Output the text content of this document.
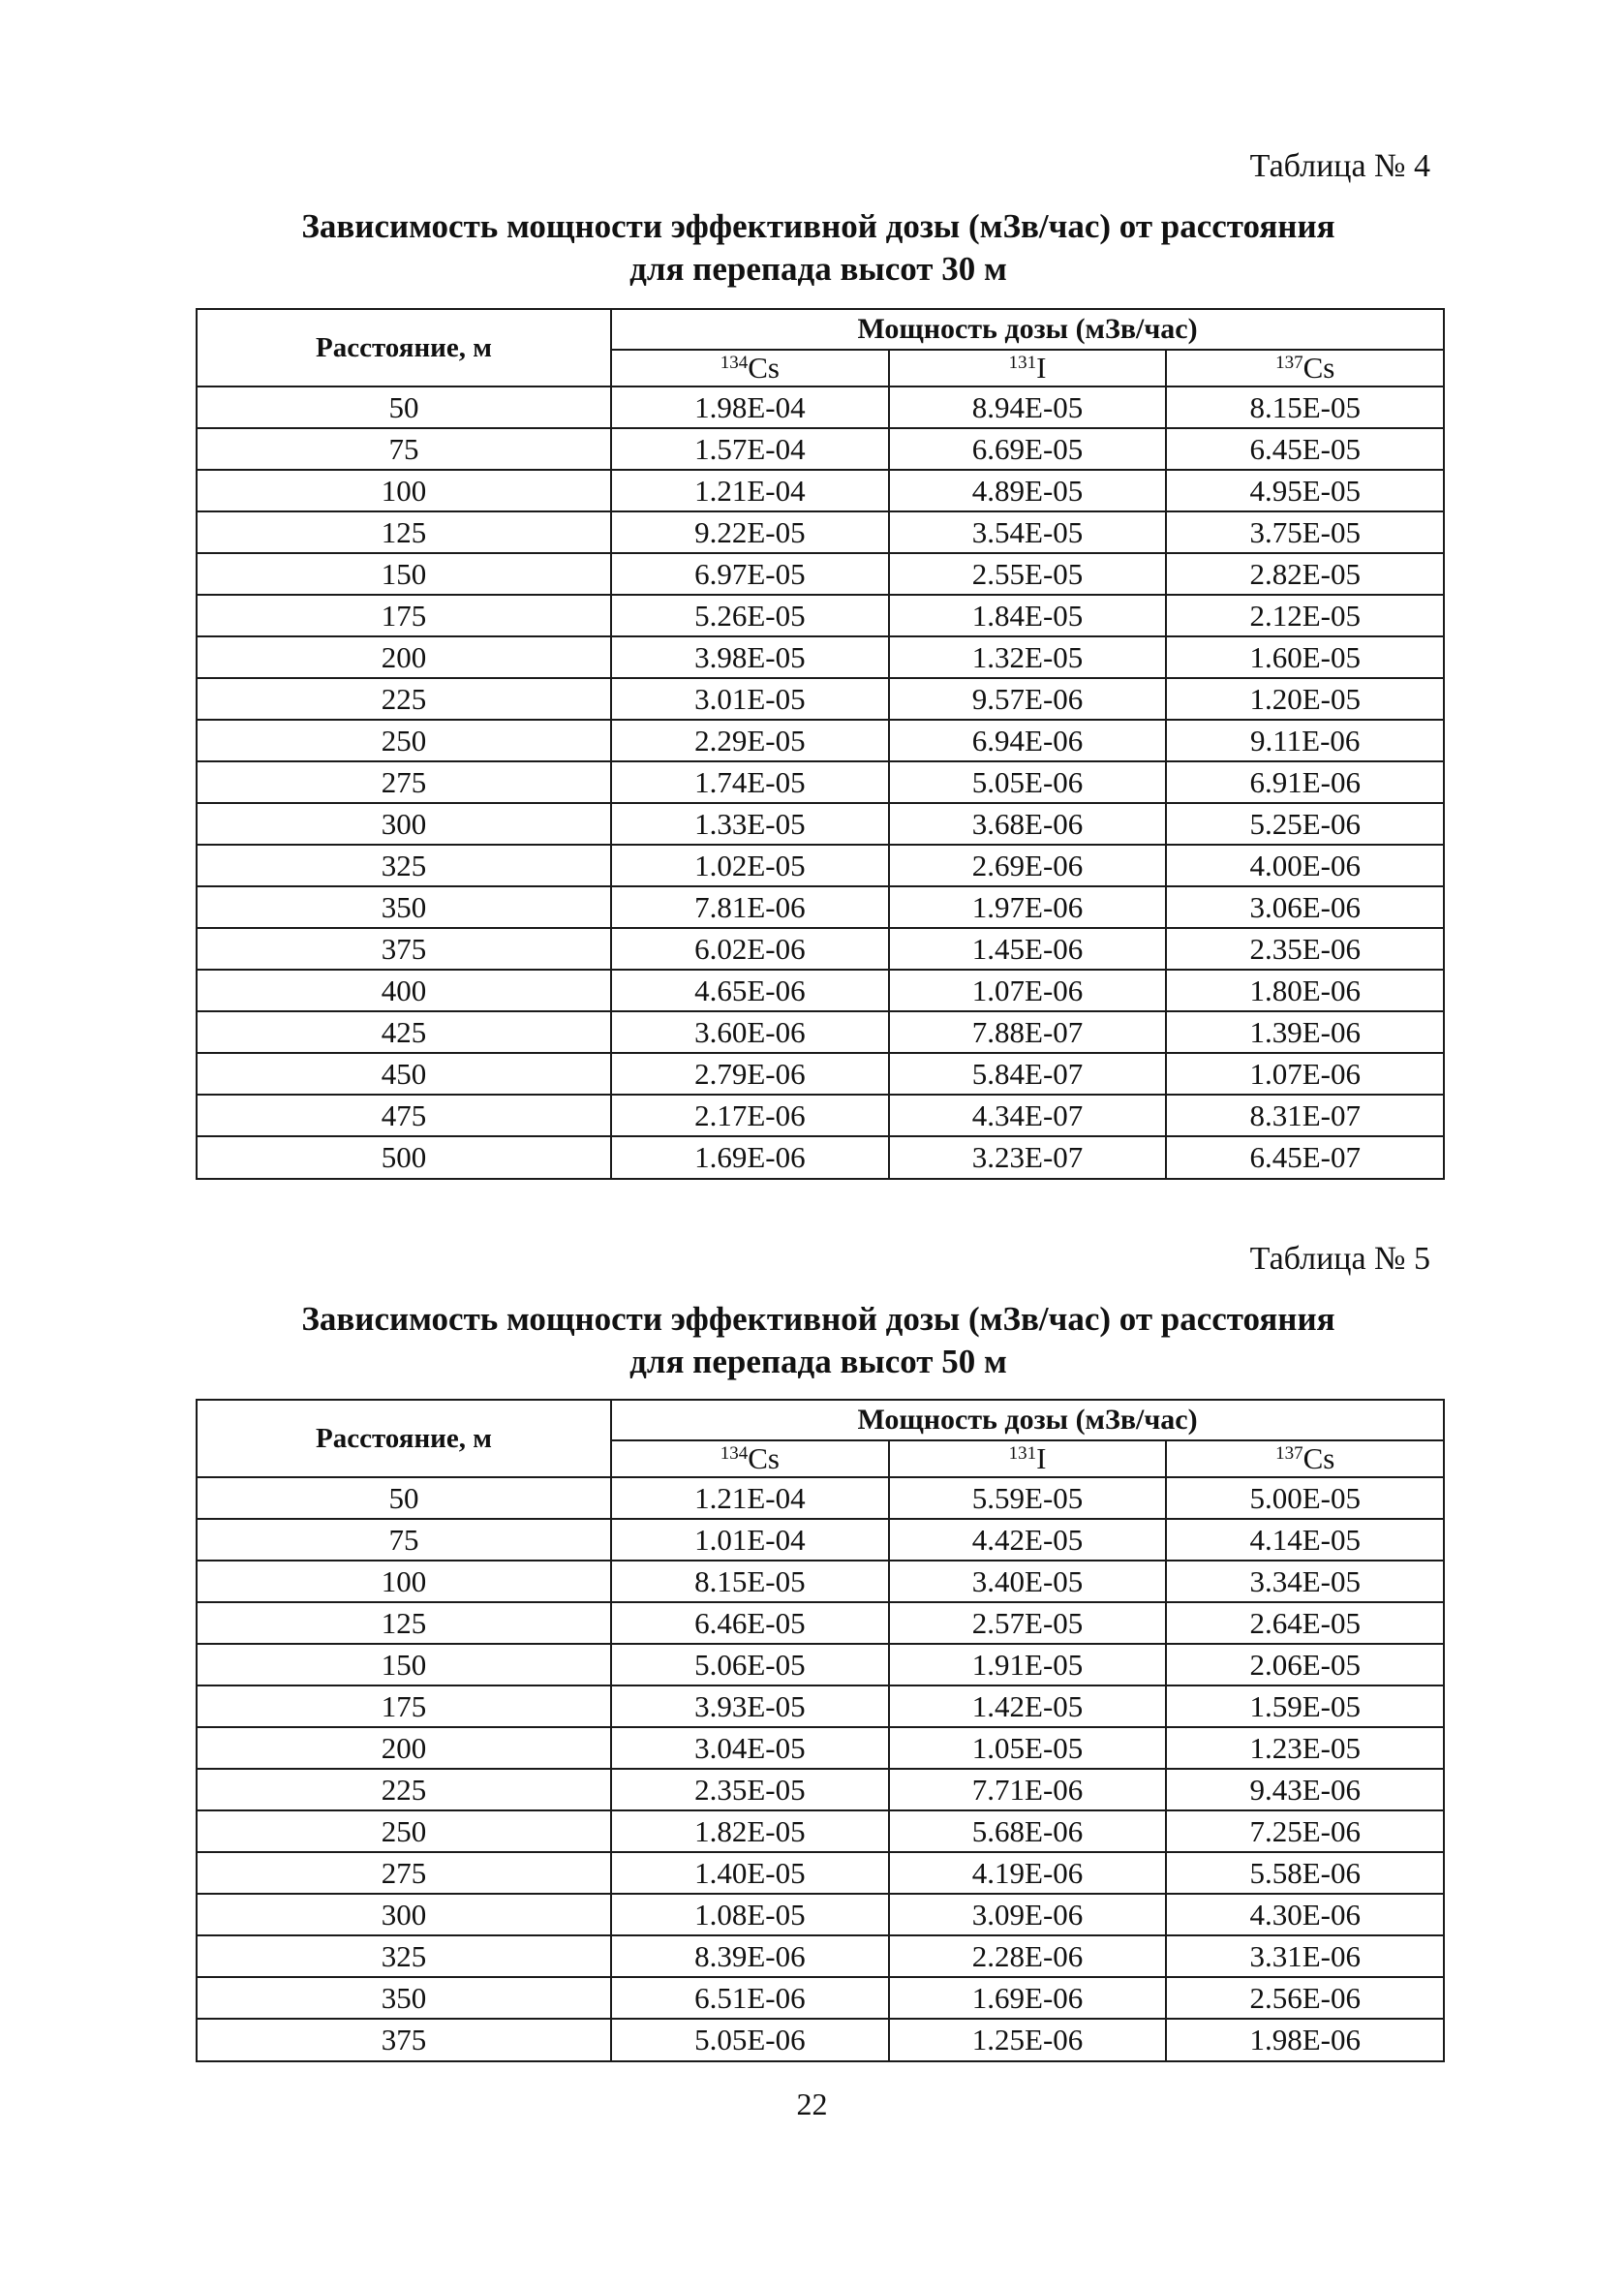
Таблица № 4
Зависимость мощности эффективной дозы (мЗв/час) от расстояния
для перепада высот 30 м
Расстояние, м	Мощность дозы (мЗв/час)		
	$^{134}$Cs	$^{131}$I	$^{137}$Cs
50	1.98E-04	8.94E-05	8.15E-05
75	1.57E-04	6.69E-05	6.45E-05
100	1.21E-04	4.89E-05	4.95E-05
125	9.22E-05	3.54E-05	3.75E-05
150	6.97E-05	2.55E-05	2.82E-05
175	5.26E-05	1.84E-05	2.12E-05
200	3.98E-05	1.32E-05	1.60E-05
225	3.01E-05	9.57E-06	1.20E-05
250	2.29E-05	6.94E-06	9.11E-06
275	1.74E-05	5.05E-06	6.91E-06
300	1.33E-05	3.68E-06	5.25E-06
325	1.02E-05	2.69E-06	4.00E-06
350	7.81E-06	1.97E-06	3.06E-06
375	6.02E-06	1.45E-06	2.35E-06
400	4.65E-06	1.07E-06	1.80E-06
425	3.60E-06	7.88E-07	1.39E-06
450	2.79E-06	5.84E-07	1.07E-06
475	2.17E-06	4.34E-07	8.31E-07
500	1.69E-06	3.23E-07	6.45E-07
Таблица № 5
Зависимость мощности эффективной дозы (мЗв/час) от расстояния
для перепада высот 50 м
Расстояние, м	Мощность дозы (мЗв/час)		
	$^{134}$Cs	$^{131}$I	$^{137}$Cs
50	1.21E-04	5.59E-05	5.00E-05
75	1.01E-04	4.42E-05	4.14E-05
100	8.15E-05	3.40E-05	3.34E-05
125	6.46E-05	2.57E-05	2.64E-05
150	5.06E-05	1.91E-05	2.06E-05
175	3.93E-05	1.42E-05	1.59E-05
200	3.04E-05	1.05E-05	1.23E-05
225	2.35E-05	7.71E-06	9.43E-06
250	1.82E-05	5.68E-06	7.25E-06
275	1.40E-05	4.19E-06	5.58E-06
300	1.08E-05	3.09E-06	4.30E-06
325	8.39E-06	2.28E-06	3.31E-06
350	6.51E-06	1.69E-06	2.56E-06
375	5.05E-06	1.25E-06	1.98E-06
22
